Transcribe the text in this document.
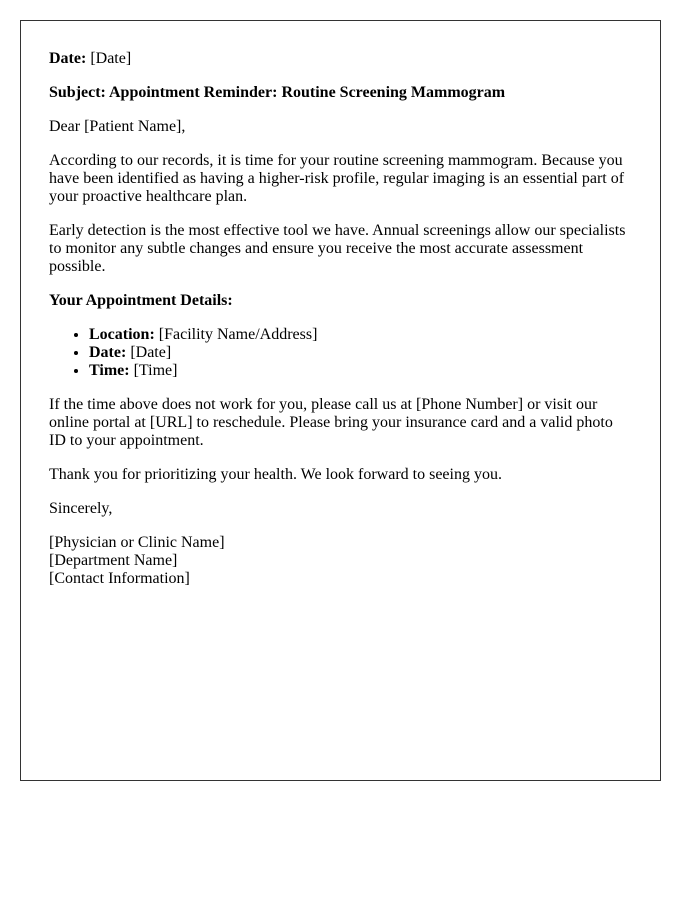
Date: [Date]

Subject: Appointment Reminder: Routine Screening Mammogram

Dear [Patient Name],

According to our records, it is time for your routine screening mammogram. Because you have been identified as having a higher-risk profile, regular imaging is an essential part of your proactive healthcare plan.

Early detection is the most effective tool we have. Annual screenings allow our specialists to monitor any subtle changes and ensure you receive the most accurate assessment possible.

Your Appointment Details:

• Location: [Facility Name/Address]
• Date: [Date]
• Time: [Time]

If the time above does not work for you, please call us at [Phone Number] or visit our online portal at [URL] to reschedule. Please bring your insurance card and a valid photo ID to your appointment.

Thank you for prioritizing your health. We look forward to seeing you.

Sincerely,

[Physician or Clinic Name]
[Department Name]
[Contact Information]
